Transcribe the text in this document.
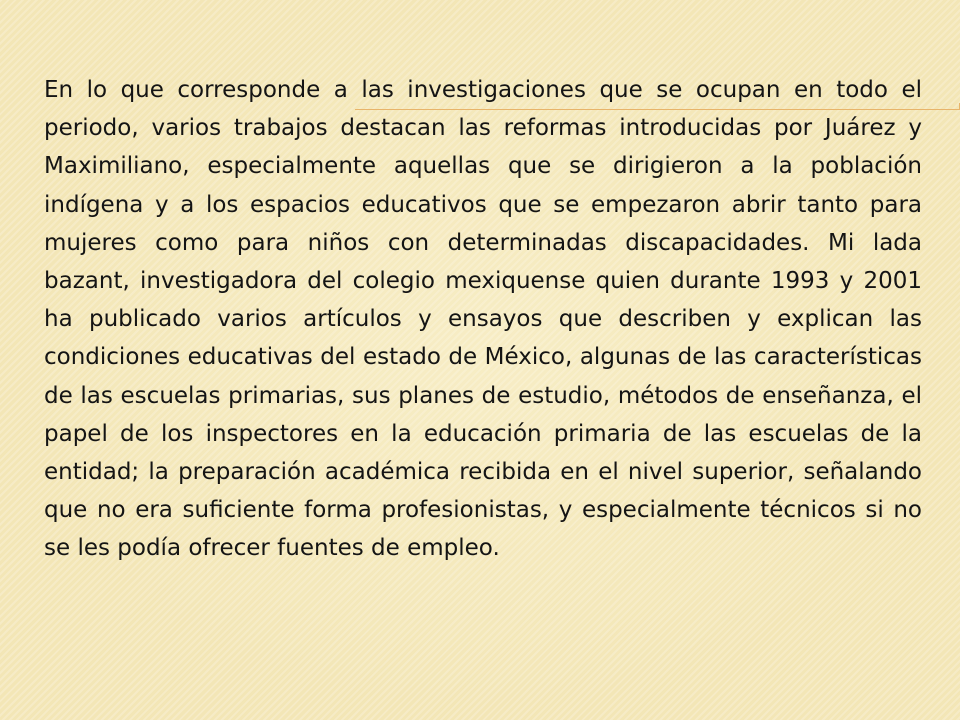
En lo que corresponde a las investigaciones que se ocupan en todo el periodo, varios trabajos destacan las reformas introducidas por Juárez y Maximiliano, especialmente aquellas que se dirigieron a la población indígena y a los espacios educativos que se empezaron abrir tanto para mujeres como para niños con determinadas discapacidades. Mi lada bazant, investigadora del colegio mexiquense quien durante 1993 y 2001 ha publicado varios artículos y ensayos que describen y explican las condiciones educativas del estado de México, algunas de las características de las escuelas primarias, sus planes de estudio, métodos de enseñanza, el papel de los inspectores en la educación primaria de las escuelas de la entidad; la preparación académica recibida en el nivel superior, señalando que no era suficiente forma profesionistas, y especialmente técnicos si no se les podía ofrecer fuentes de empleo.
